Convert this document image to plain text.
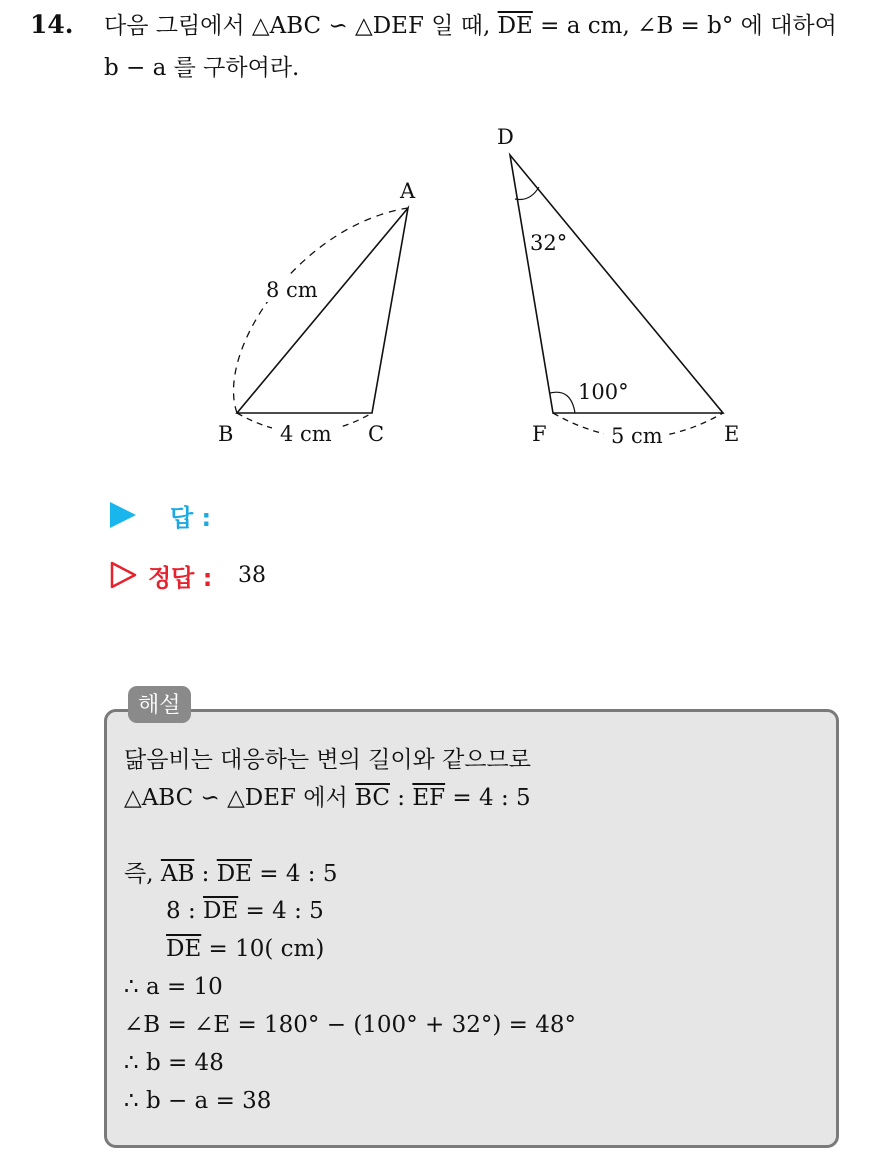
14. 다음 그림에서 △ABC ∽ △DEF 일 때, $\overline{DE} = a$ cm, ∠B = b° 에 대하여
b − a 를 구하여라.
A
B	C
8 cm
4 cm
D
E
F
32°
100°
5 cm
답 :
정답 : 38
해설
닮음비는 대응하는 변의 길이와 같으므로
△ABC ∽ △DEF 에서 $\overline{BC}$ : $\overline{EF} = 4$ : 5
즉, $\overline{AB}$ : $\overline{DE} = 4$ : 5
8 : $\overline{DE} = 4$ : 5
$\overline{DE} = 10$( cm)
∴ a = 10
∠B = ∠E = 180° − (100° + 32°) = 48°
∴ b = 48
∴ b − a = 38
